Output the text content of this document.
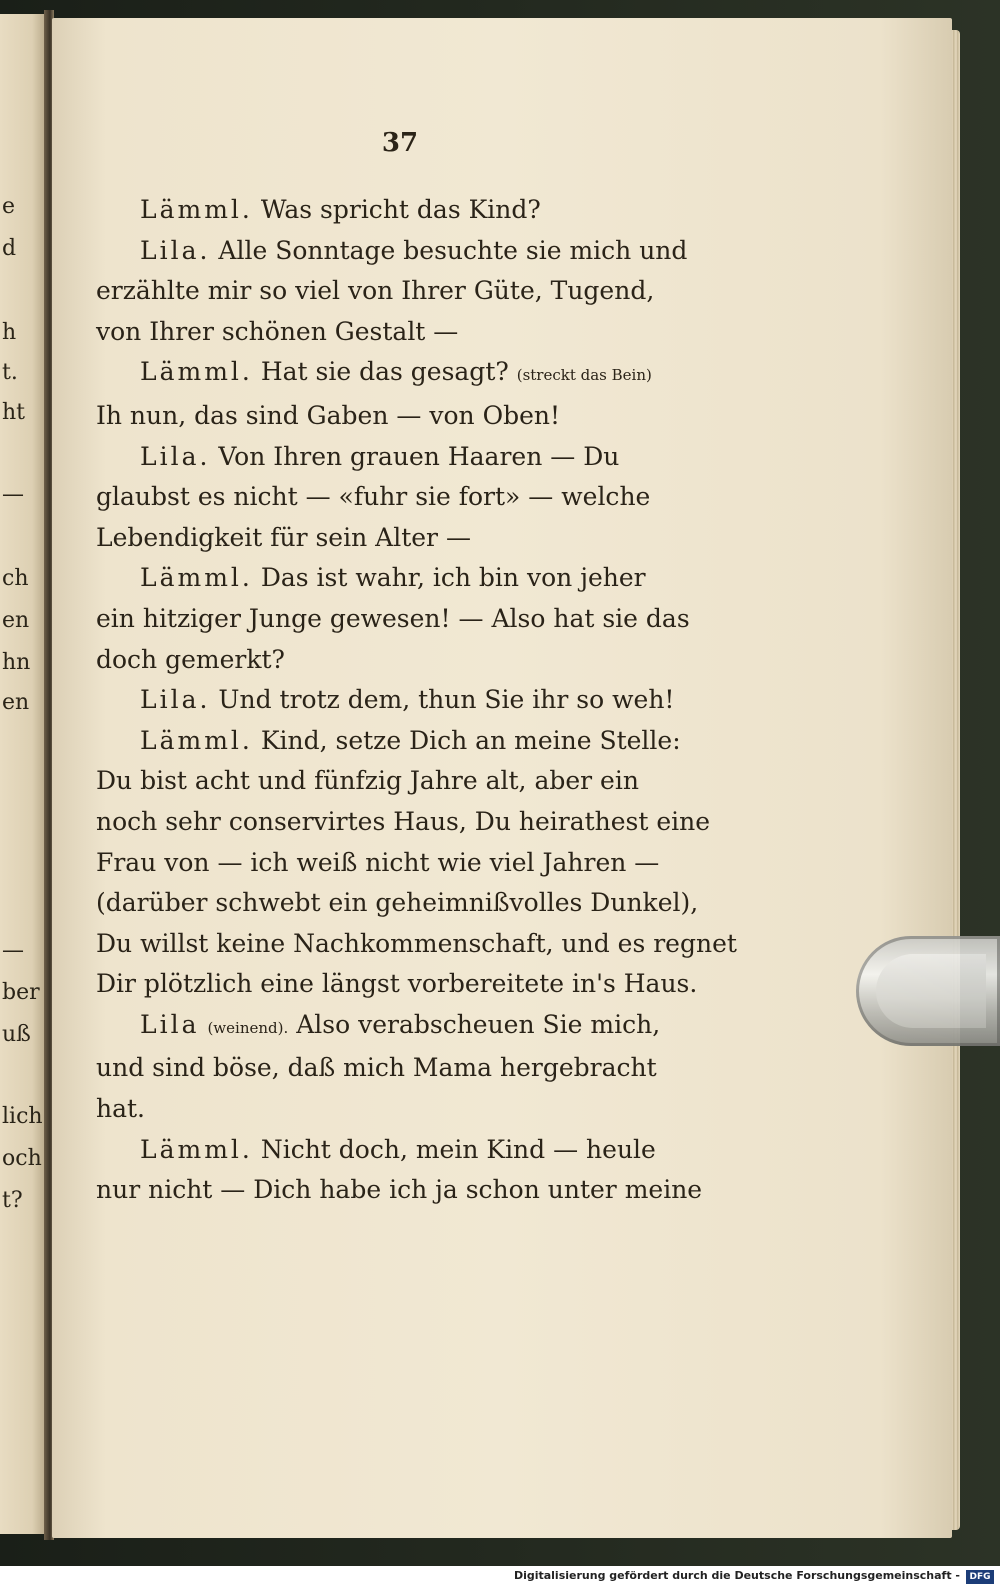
e
d
h
t.
ht
—
ch
en
hn
en
—
ber
uß
lich
och
t?
37
Lämml. Was spricht das Kind?
Lila. Alle Sonntage besuchte sie mich und
erzählte mir so viel von Ihrer Güte, Tugend,
von Ihrer schönen Gestalt —
Lämml. Hat sie das gesagt? (streckt das Bein)
Ih nun, das sind Gaben — von Oben!
Lila. Von Ihren grauen Haaren — Du
glaubst es nicht — «fuhr sie fort» — welche
Lebendigkeit für sein Alter —
Lämml. Das ist wahr, ich bin von jeher
ein hitziger Junge gewesen! — Also hat sie das
doch gemerkt?
Lila. Und trotz dem, thun Sie ihr so weh!
Lämml. Kind, setze Dich an meine Stelle:
Du bist acht und fünfzig Jahre alt, aber ein
noch sehr conservirtes Haus, Du heirathest eine
Frau von — ich weiß nicht wie viel Jahren —
(darüber schwebt ein geheimnißvolles Dunkel),
Du willst keine Nachkommenschaft, und es regnet
Dir plötzlich eine längst vorbereitete in's Haus.
Lila (weinend). Also verabscheuen Sie mich,
und sind böse, daß mich Mama hergebracht
hat.
Lämml. Nicht doch, mein Kind — heule
nur nicht — Dich habe ich ja schon unter meine
Digitalisierung gefördert durch die Deutsche Forschungsgemeinschaft -	DFG
